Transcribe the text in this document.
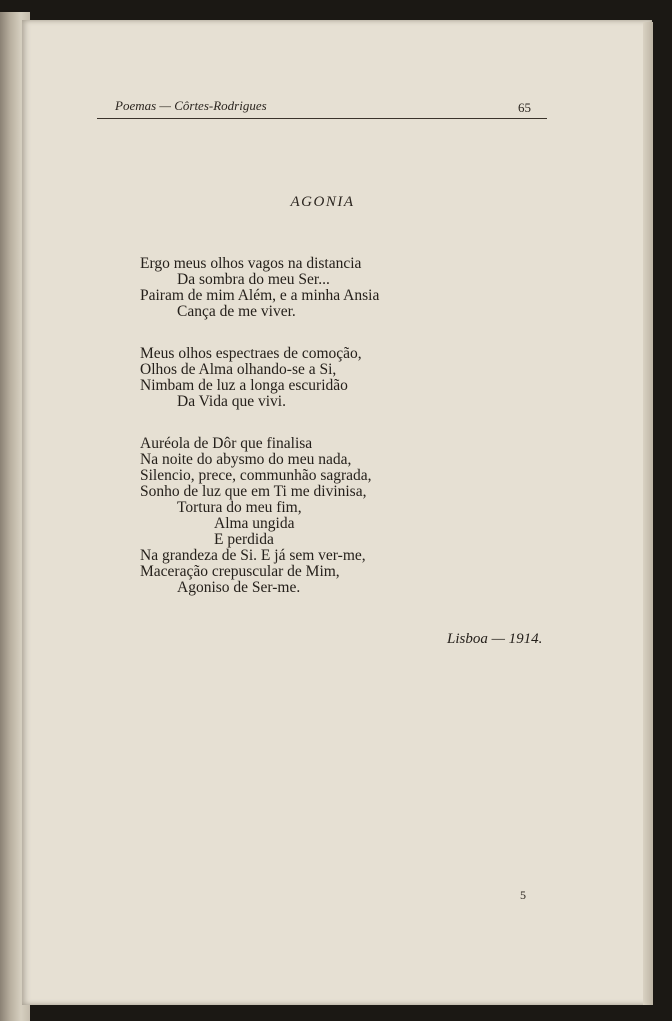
Poemas — Côrtes-Rodrigues	65
AGONIA
Ergo meus olhos vagos na distancia
Da sombra do meu Ser...
Pairam de mim Além, e a minha Ansia
Cança de me viver.
Meus olhos espectraes de comoção,
Olhos de Alma olhando-se a Si,
Nimbam de luz a longa escuridão
Da Vida que vivi.
Auréola de Dôr que finalisa
Na noite do abysmo do meu nada,
Silencio, prece, communhão sagrada,
Sonho de luz que em Ti me divinisa,
Tortura do meu fim,
Alma ungida
E perdida
Na grandeza de Si. E já sem ver-me,
Maceração crepuscular de Mim,
Agoniso de Ser-me.
Lisboa — 1914.
5
